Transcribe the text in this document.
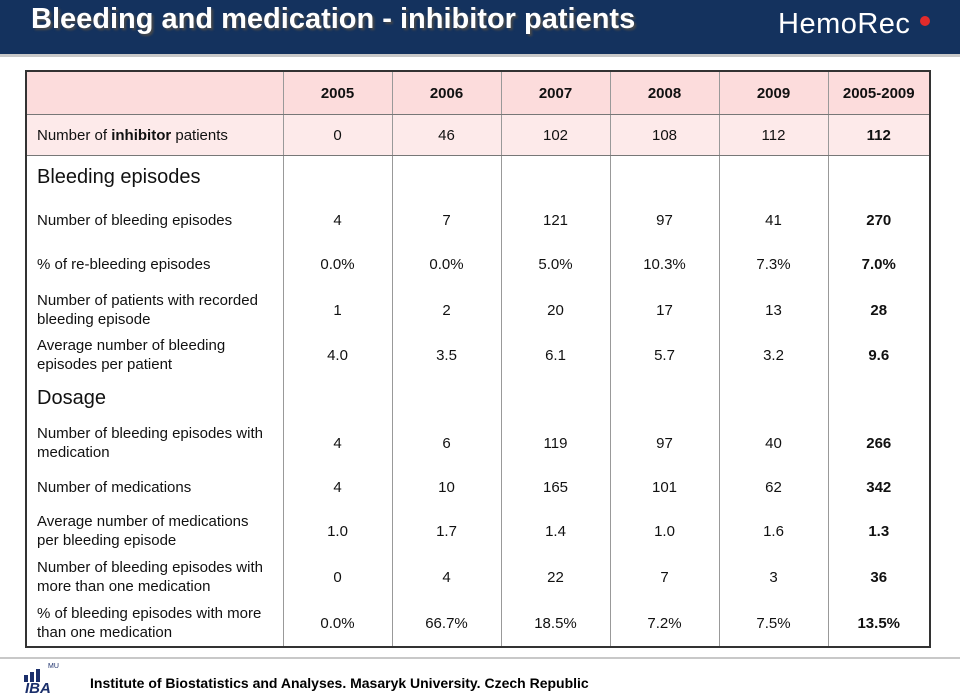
Bleeding and medication - inhibitor patients	HemoRec
	2005	2006	2007	2008	2009	2005-2009
Number of inhibitor patients	0	46	102	108	112	112
Bleeding episodes						
Number of bleeding episodes	4	7	121	97	41	270
% of re-bleeding episodes	0.0%	0.0%	5.0%	10.3%	7.3%	7.0%
Number of patients with recorded bleeding episode	1	2	20	17	13	28
Average number of bleeding episodes per patient	4.0	3.5	6.1	5.7	3.2	9.6
Dosage						
Number of bleeding episodes with medication	4	6	119	97	40	266
Number of medications	4	10	165	101	62	342
Average number of medications per bleeding episode	1.0	1.7	1.4	1.0	1.6	1.3
Number of bleeding episodes with more than one medication	0	4	22	7	3	36
% of bleeding episodes with more than one medication	0.0%	66.7%	18.5%	7.2%	7.5%	13.5%
MU
IBA	Institute of Biostatistics and Analyses. Masaryk University. Czech Republic
